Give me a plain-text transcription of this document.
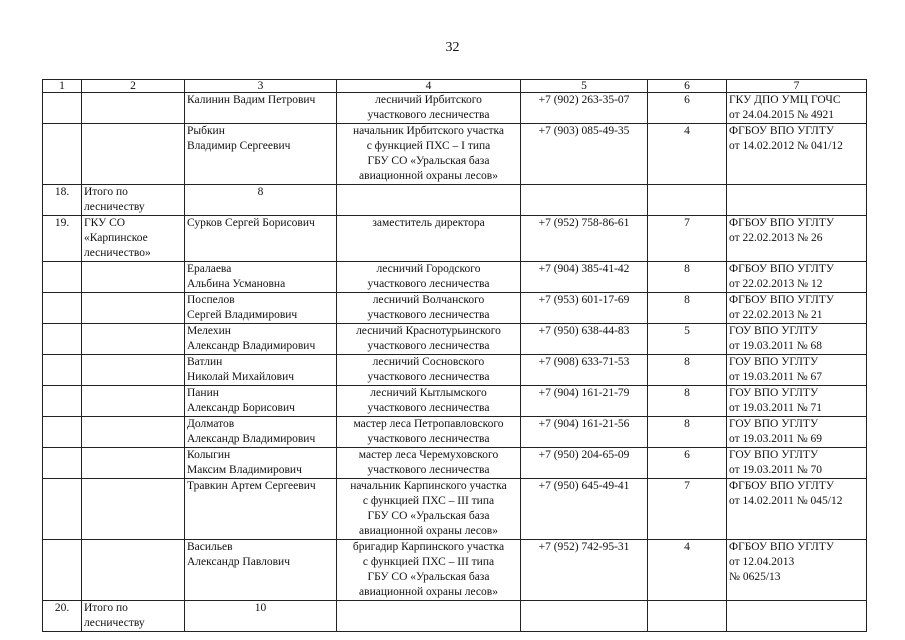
32
1	2	3	4	5	6	7

		Калинин Вадим Петрович	лесничий Ирбитского
участкового лесничества	+7 (902) 263-35-07	6	ГКУ ДПО УМЦ ГОЧС
от 24.04.2015 № 4921

		Рыбкин
Владимир Сергеевич	начальник Ирбитского участка
с функцией ПХС – I типа
ГБУ СО «Уральская база
авиационной охраны лесов»	+7 (903) 085-49-35	4	ФГБОУ ВПО УГЛТУ
от 14.02.2012 № 041/12

18.	Итого по
лесничеству	8				
19.	ГКУ СО
«Карпинское
лесничество»	Сурков Сергей Борисович	заместитель директора	+7 (952) 758-86-61	7	ФГБОУ ВПО УГЛТУ
от 22.02.2013 № 26

		Ералаева
Альбина Усмановна	лесничий Городского
участкового лесничества	+7 (904) 385-41-42	8	ФГБОУ ВПО УГЛТУ
от 22.02.2013 № 12

		Поспелов
Сергей Владимирович	лесничий Волчанского
участкового лесничества	+7 (953) 601-17-69	8	ФГБОУ ВПО УГЛТУ
от 22.02.2013 № 21

		Мелехин
Александр Владимирович	лесничий Краснотурьинского
участкового лесничества	+7 (950) 638-44-83	5	ГОУ ВПО УГЛТУ
от 19.03.2011 № 68

		Ватлин
Николай Михайлович	лесничий Сосновского
участкового лесничества	+7 (908) 633-71-53	8	ГОУ ВПО УГЛТУ
от 19.03.2011 № 67

		Панин
Александр Борисович	лесничий Кытлымского
участкового лесничества	+7 (904) 161-21-79	8	ГОУ ВПО УГЛТУ
от 19.03.2011 № 71

		Долматов
Александр Владимирович	мастер леса Петропавловского
участкового лесничества	+7 (904) 161-21-56	8	ГОУ ВПО УГЛТУ
от 19.03.2011 № 69

		Колыгин
Максим Владимирович	мастер леса Черемуховского
участкового лесничества	+7 (950) 204-65-09	6	ГОУ ВПО УГЛТУ
от 19.03.2011 № 70

		Травкин Артем Сергеевич	начальник Карпинского участка
с функцией ПХС – III типа
ГБУ СО «Уральская база
авиационной охраны лесов»	+7 (950) 645-49-41	7	ФГБОУ ВПО УГЛТУ
от 14.02.2011 № 045/12

		Васильев
Александр Павлович	бригадир Карпинского участка
с функцией ПХС – III типа
ГБУ СО «Уральская база
авиационной охраны лесов»	+7 (952) 742-95-31	4	ФГБОУ ВПО УГЛТУ
от 12.04.2013
№ 0625/13

20.	Итого по
лесничеству	10				
